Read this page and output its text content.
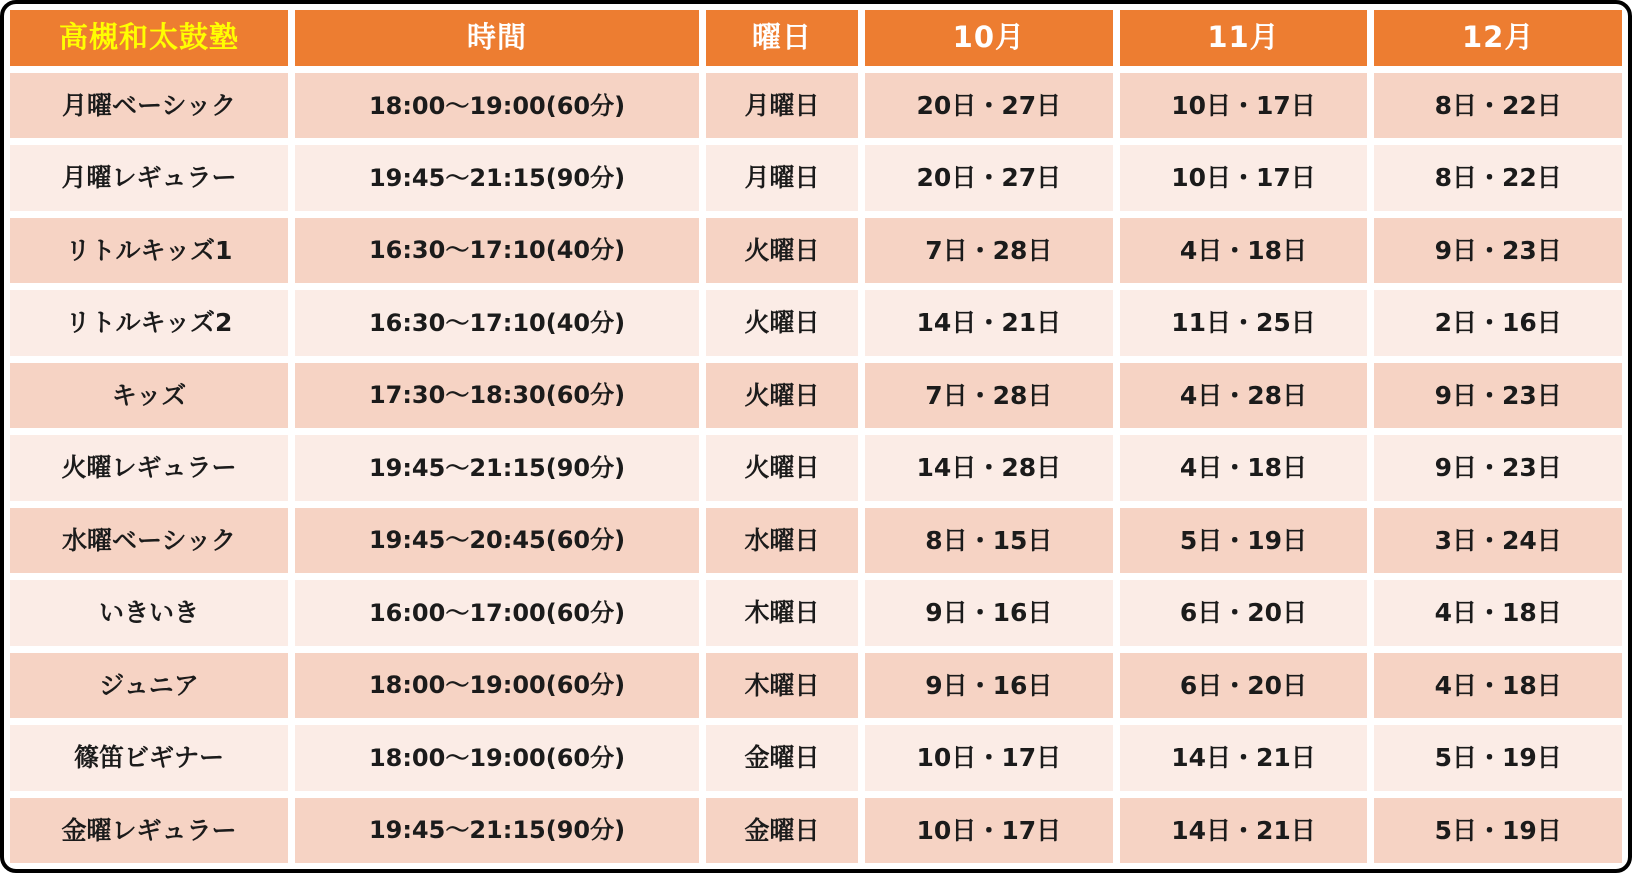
高槻和太鼓塾	時間	曜日	10月	11月	12月
月曜ベーシック	18:00～19:00(60分)	月曜日	20日・27日	10日・17日	8日・22日
月曜レギュラー	19:45～21:15(90分)	月曜日	20日・27日	10日・17日	8日・22日
リトルキッズ1	16:30～17:10(40分)	火曜日	7日・28日	4日・18日	9日・23日
リトルキッズ2	16:30～17:10(40分)	火曜日	14日・21日	11日・25日	2日・16日
キッズ	17:30～18:30(60分)	火曜日	7日・28日	4日・28日	9日・23日
火曜レギュラー	19:45～21:15(90分)	火曜日	14日・28日	4日・18日	9日・23日
水曜ベーシック	19:45～20:45(60分)	水曜日	8日・15日	5日・19日	3日・24日
いきいき	16:00～17:00(60分)	木曜日	9日・16日	6日・20日	4日・18日
ジュニア	18:00～19:00(60分)	木曜日	9日・16日	6日・20日	4日・18日
篠笛ビギナー	18:00～19:00(60分)	金曜日	10日・17日	14日・21日	5日・19日
金曜レギュラー	19:45～21:15(90分)	金曜日	10日・17日	14日・21日	5日・19日
